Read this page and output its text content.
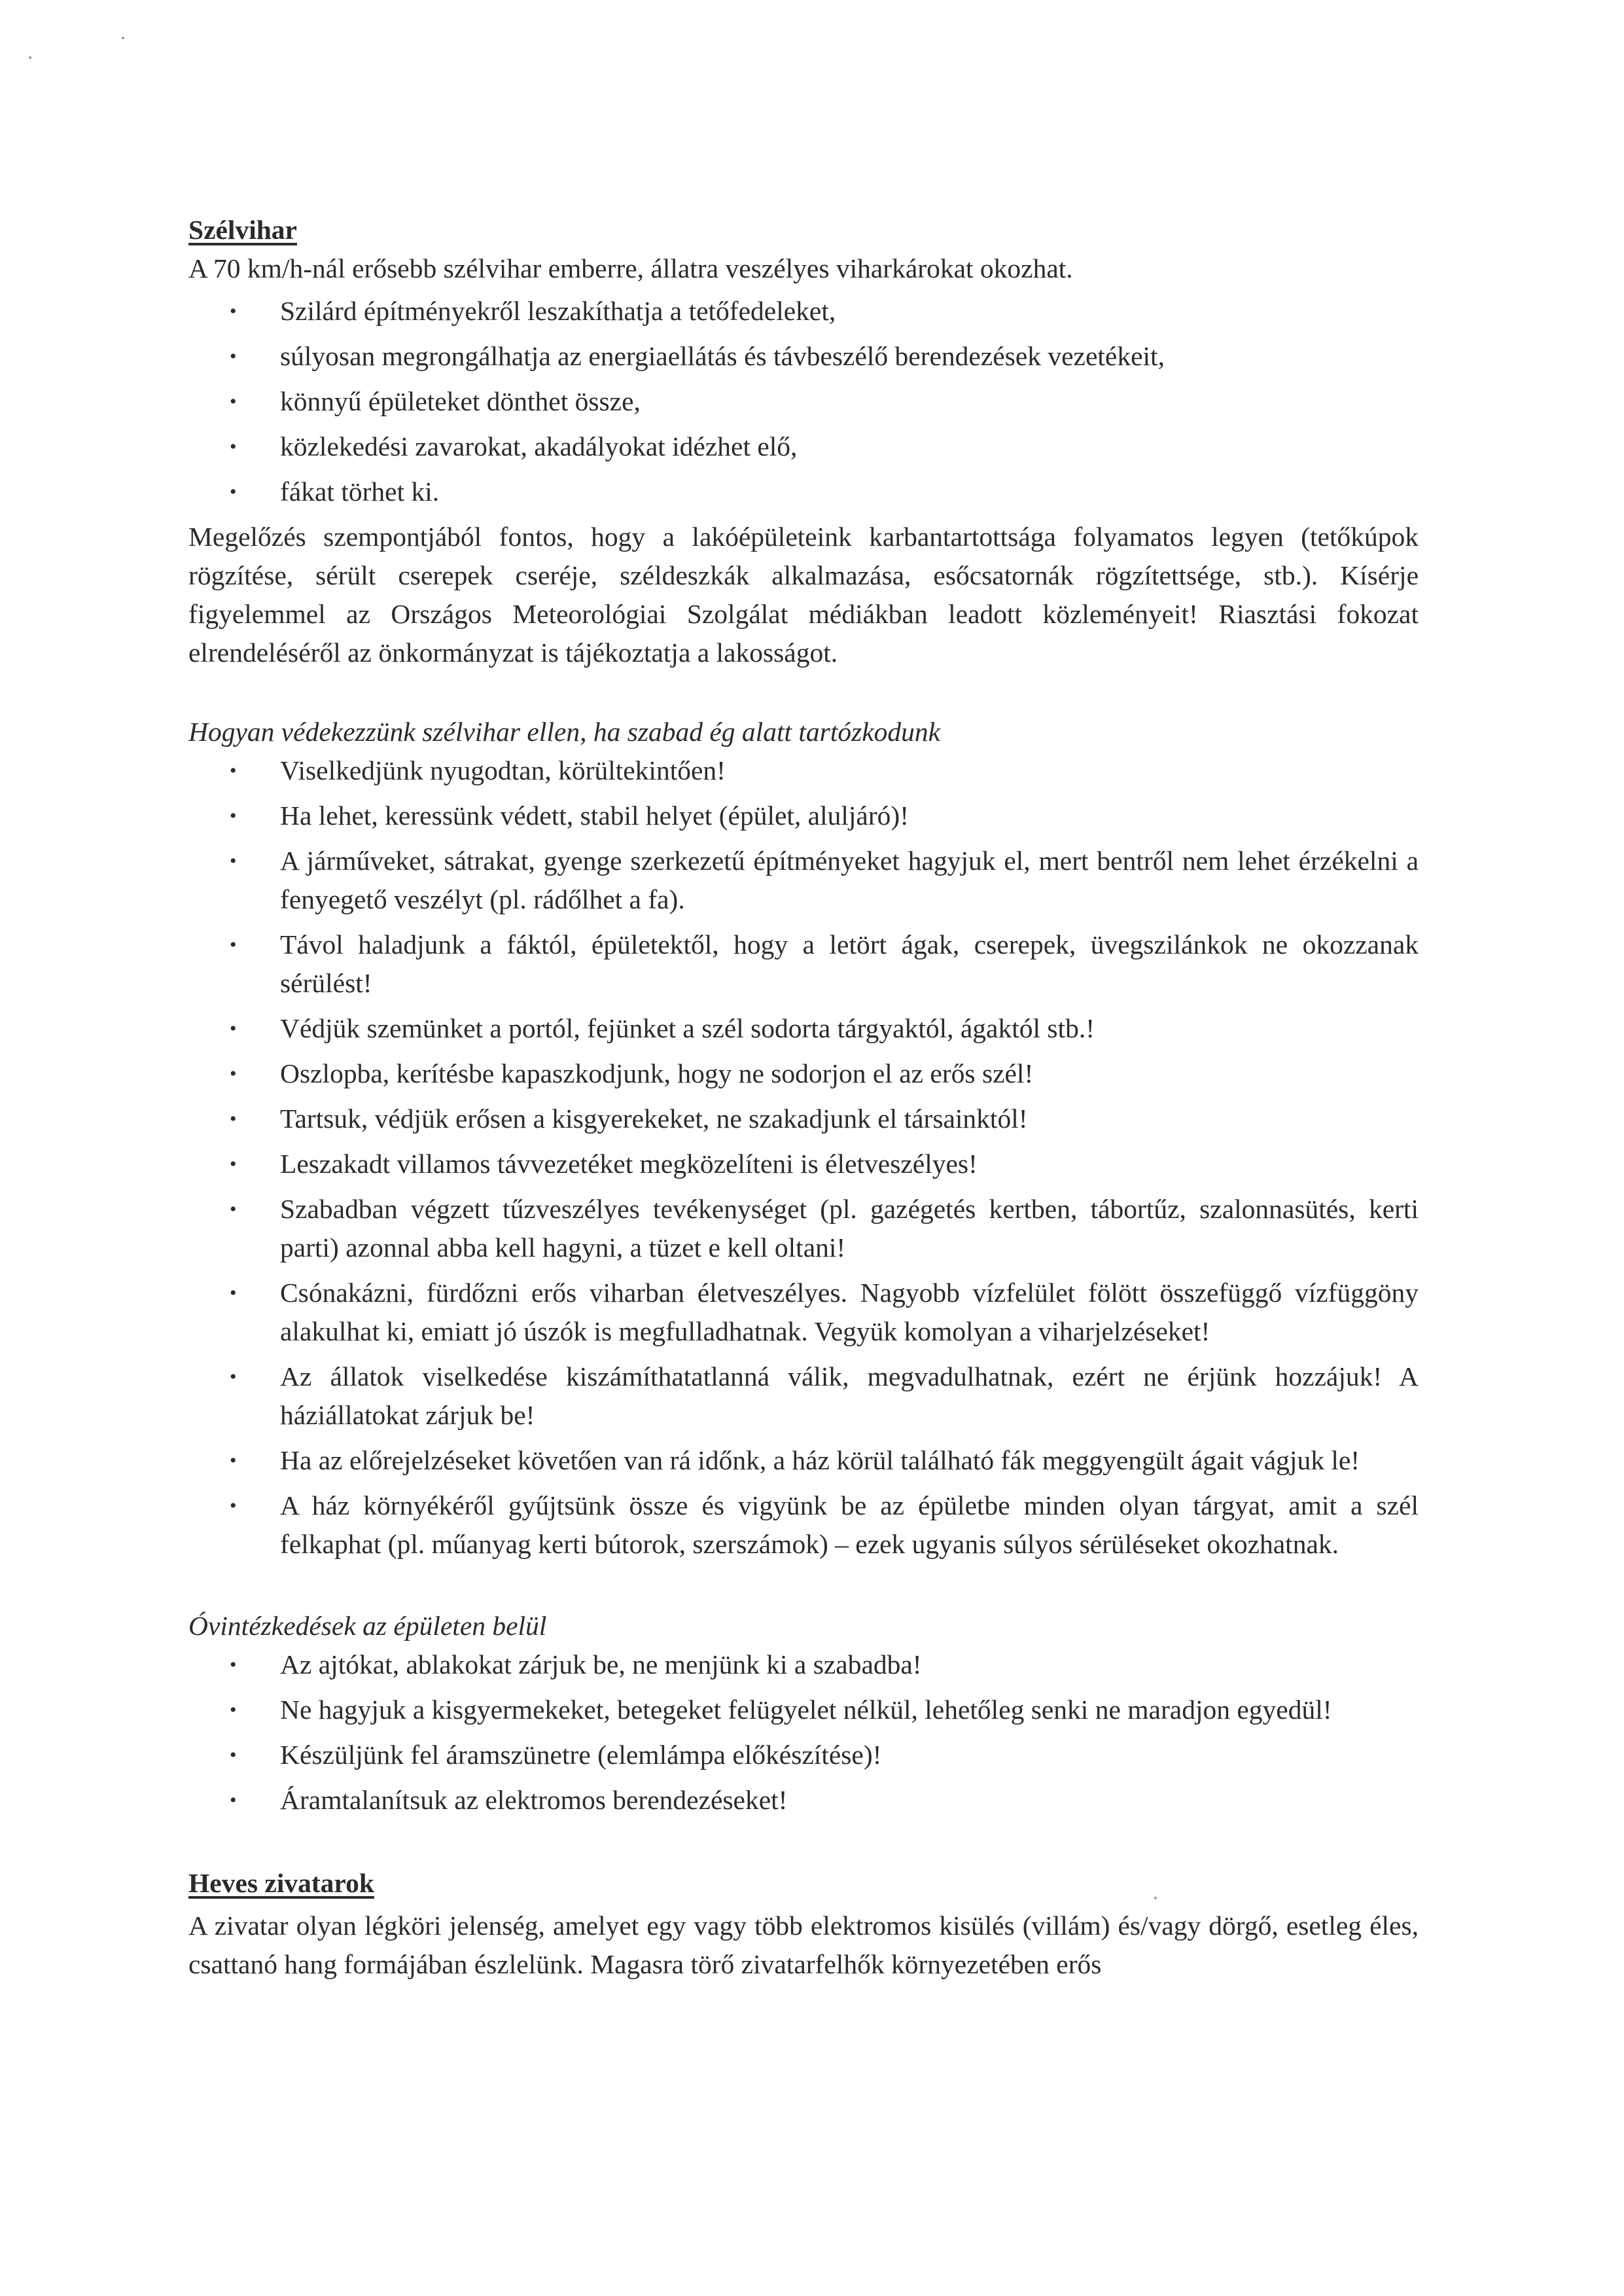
Szélvihar

A 70 km/h-nál erősebb szélvihar emberre, állatra veszélyes viharkárokat okozhat.

• Szilárd építményekről leszakíthatja a tetőfedeleket,
• súlyosan megrongálhatja az energiaellátás és távbeszélő berendezések vezetékeit,
• könnyű épületeket dönthet össze,
• közlekedési zavarokat, akadályokat idézhet elő,
• fákat törhet ki.

Megelőzés szempontjából fontos, hogy a lakóépületeink karbantartottsága folyamatos legyen (tetőkúpok rögzítése, sérült cserepek cseréje, széldeszkák alkalmazása, esőcsatornák rögzítettsége, stb.). Kísérje figyelemmel az Országos Meteorológiai Szolgálat médiákban leadott közleményeit! Riasztási fokozat elrendeléséről az önkormányzat is tájékoztatja a lakosságot.

Hogyan védekezzünk szélvihar ellen, ha szabad ég alatt tartózkodunk

• Viselkedjünk nyugodtan, körültekintően!
• Ha lehet, keressünk védett, stabil helyet (épület, aluljáró)!
• A járműveket, sátrakat, gyenge szerkezetű építményeket hagyjuk el, mert bentről nem lehet érzékelni a fenyegető veszélyt (pl. rádőlhet a fa).
• Távol haladjunk a fáktól, épületektől, hogy a letört ágak, cserepek, üvegszilánkok ne okozzanak sérülést!
• Védjük szemünket a portól, fejünket a szél sodorta tárgyaktól, ágaktól stb.!
• Oszlopba, kerítésbe kapaszkodjunk, hogy ne sodorjon el az erős szél!
• Tartsuk, védjük erősen a kisgyerekeket, ne szakadjunk el társainktól!
• Leszakadt villamos távvezetéket megközelíteni is életveszélyes!
• Szabadban végzett tűzveszélyes tevékenységet (pl. gazégetés kertben, tábortűz, szalonnasütés, kerti parti) azonnal abba kell hagyni, a tüzet e kell oltani!
• Csónakázni, fürdőzni erős viharban életveszélyes. Nagyobb vízfelület fölött összefüggő vízfüggöny alakulhat ki, emiatt jó úszók is megfulladhatnak. Vegyük komolyan a viharjelzéseket!
• Az állatok viselkedése kiszámíthatatlanná válik, megvadulhatnak, ezért ne érjünk hozzájuk! A háziállatokat zárjuk be!
• Ha az előrejelzéseket követően van rá időnk, a ház körül található fák meggyengült ágait vágjuk le!
• A ház környékéről gyűjtsünk össze és vigyünk be az épületbe minden olyan tárgyat, amit a szél felkaphat (pl. műanyag kerti bútorok, szerszámok) – ezek ugyanis súlyos sérüléseket okozhatnak.

Óvintézkedések az épületen belül

• Az ajtókat, ablakokat zárjuk be, ne menjünk ki a szabadba!
• Ne hagyjuk a kisgyermekeket, betegeket felügyelet nélkül, lehetőleg senki ne maradjon egyedül!
• Készüljünk fel áramszünetre (elemlámpa előkészítése)!
• Áramtalanítsuk az elektromos berendezéseket!

Heves zivatarok

A zivatar olyan légköri jelenség, amelyet egy vagy több elektromos kisülés (villám) és/vagy dörgő, esetleg éles, csattanó hang formájában észlelünk. Magasra törő zivatarfelhők környezetében erős
